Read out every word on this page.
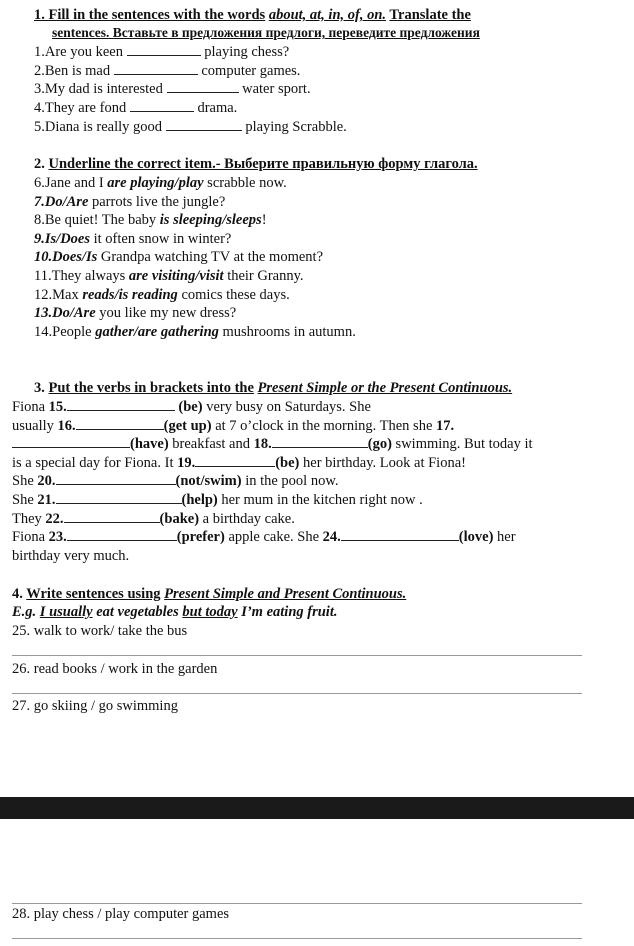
1. Fill in the sentences with the words about, at, in, of, on. Translate the
sentences. Вставьте в предложения предлоги, переведите предложения
1.Are you keen	playing chess?
2.Ben is mad	computer games.
3.My dad is interested	water sport.
4.They are fond	drama.
5.Diana is really good	playing Scrabble.
2. Underline the correct item.- Выберите правильную форму глагола.
6.Jane and I are playing/play scrabble now.
7.Do/Are parrots live the jungle?
8.Be quiet! The baby is sleeping/sleeps!
9.Is/Does it often snow in winter?
10.Does/Is Grandpa watching TV at the moment?
11.They always are visiting/visit their Granny.
12.Max reads/is reading comics these days.
13.Do/Are you like my new dress?
14.People gather/are gathering mushrooms in autumn.
3. Put the verbs in brackets into the Present Simple or the Present Continuous.
Fiona 15.	(be) very busy on Saturdays. She
usually 16.	(get up) at 7 o’clock in the morning. Then she 17.
(have) breakfast and 18.	(go) swimming. But today it
is a special day for Fiona. It 19.	(be) her birthday. Look at Fiona!
She 20.	(not/swim) in the pool now.
She 21.	(help) her mum in the kitchen right now .
They 22.	(bake) a birthday cake.
Fiona 23.	(prefer) apple cake. She 24.	(love) her
birthday very much.
4. Write sentences using Present Simple and Present Continuous.
E.g. I usually eat vegetables but today I’m eating fruit.
25. walk to work/ take the bus
26. read books / work in the garden
27. go skiing / go swimming
28. play chess / play computer games
